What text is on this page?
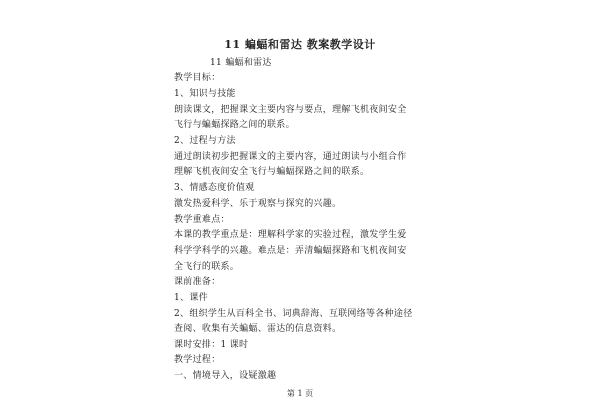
11 蝙蝠和雷达 教案教学设计
11 蝙蝠和雷达
教学目标：
1、知识与技能
朗读课文，把握课文主要内容与要点，理解飞机夜间安全
飞行与蝙蝠探路之间的联系。
2、过程与方法
通过朗读初步把握课文的主要内容，通过朗读与小组合作
理解飞机夜间安全飞行与蝙蝠探路之间的联系。
3、情感态度价值观
激发热爱科学、乐于观察与探究的兴趣。
教学重难点：
本课的教学重点是：理解科学家的实验过程，激发学生爱
科学学科学的兴趣。难点是：弄清蝙蝠探路和飞机夜间安
全飞行的联系。
课前准备：
1、课件
2、组织学生从百科全书、词典辞海、互联网络等各种途径
查阅、收集有关蝙蝠、雷达的信息资料。
课时安排：1 课时
教学过程：
一、情境导入，设疑激趣
第 1 页
